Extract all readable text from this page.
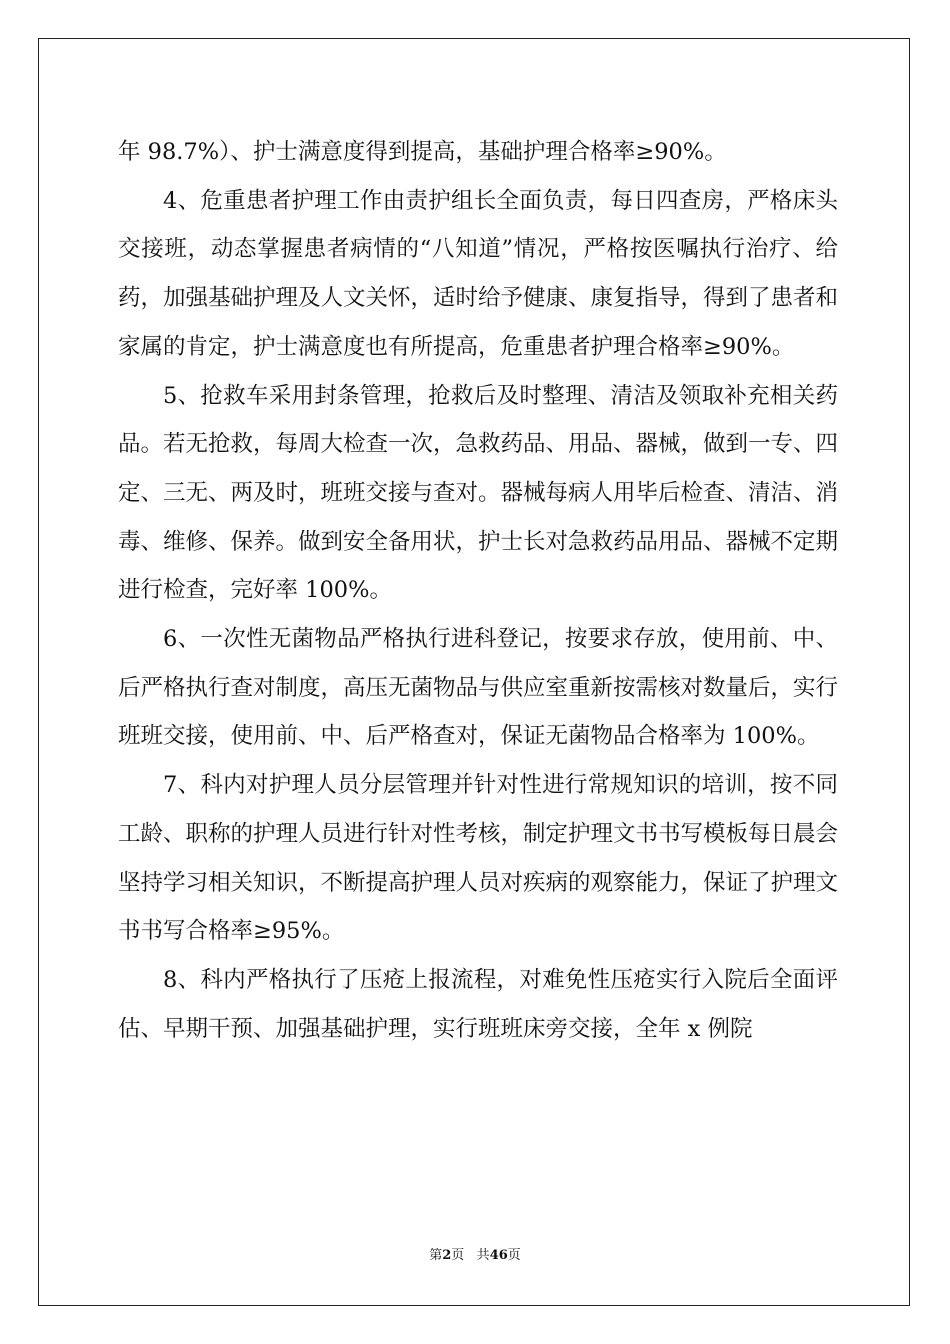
年 98.7%）、护士满意度得到提高，基础护理合格率≥90%。

4、危重患者护理工作由责护组长全面负责，每日四查房，严格床头交接班，动态掌握患者病情的“八知道”情况，严格按医嘱执行治疗、给药，加强基础护理及人文关怀，适时给予健康、康复指导，得到了患者和家属的肯定，护士满意度也有所提高，危重患者护理合格率≥90%。

5、抢救车采用封条管理，抢救后及时整理、清洁及领取补充相关药品。若无抢救，每周大检查一次，急救药品、用品、器械，做到一专、四定、三无、两及时，班班交接与查对。器械每病人用毕后检查、清洁、消毒、维修、保养。做到安全备用状，护士长对急救药品用品、器械不定期进行检查，完好率 100%。

6、一次性无菌物品严格执行进科登记，按要求存放，使用前、中、后严格执行查对制度，高压无菌物品与供应室重新按需核对数量后，实行班班交接，使用前、中、后严格查对，保证无菌物品合格率为 100%。

7、科内对护理人员分层管理并针对性进行常规知识的培训，按不同工龄、职称的护理人员进行针对性考核，制定护理文书书写模板每日晨会坚持学习相关知识，不断提高护理人员对疾病的观察能力，保证了护理文书书写合格率≥95%。

8、科内严格执行了压疮上报流程，对难免性压疮实行入院后全面评估、早期干预、加强基础护理，实行班班床旁交接，全年 x 例院

第2页 共46页
